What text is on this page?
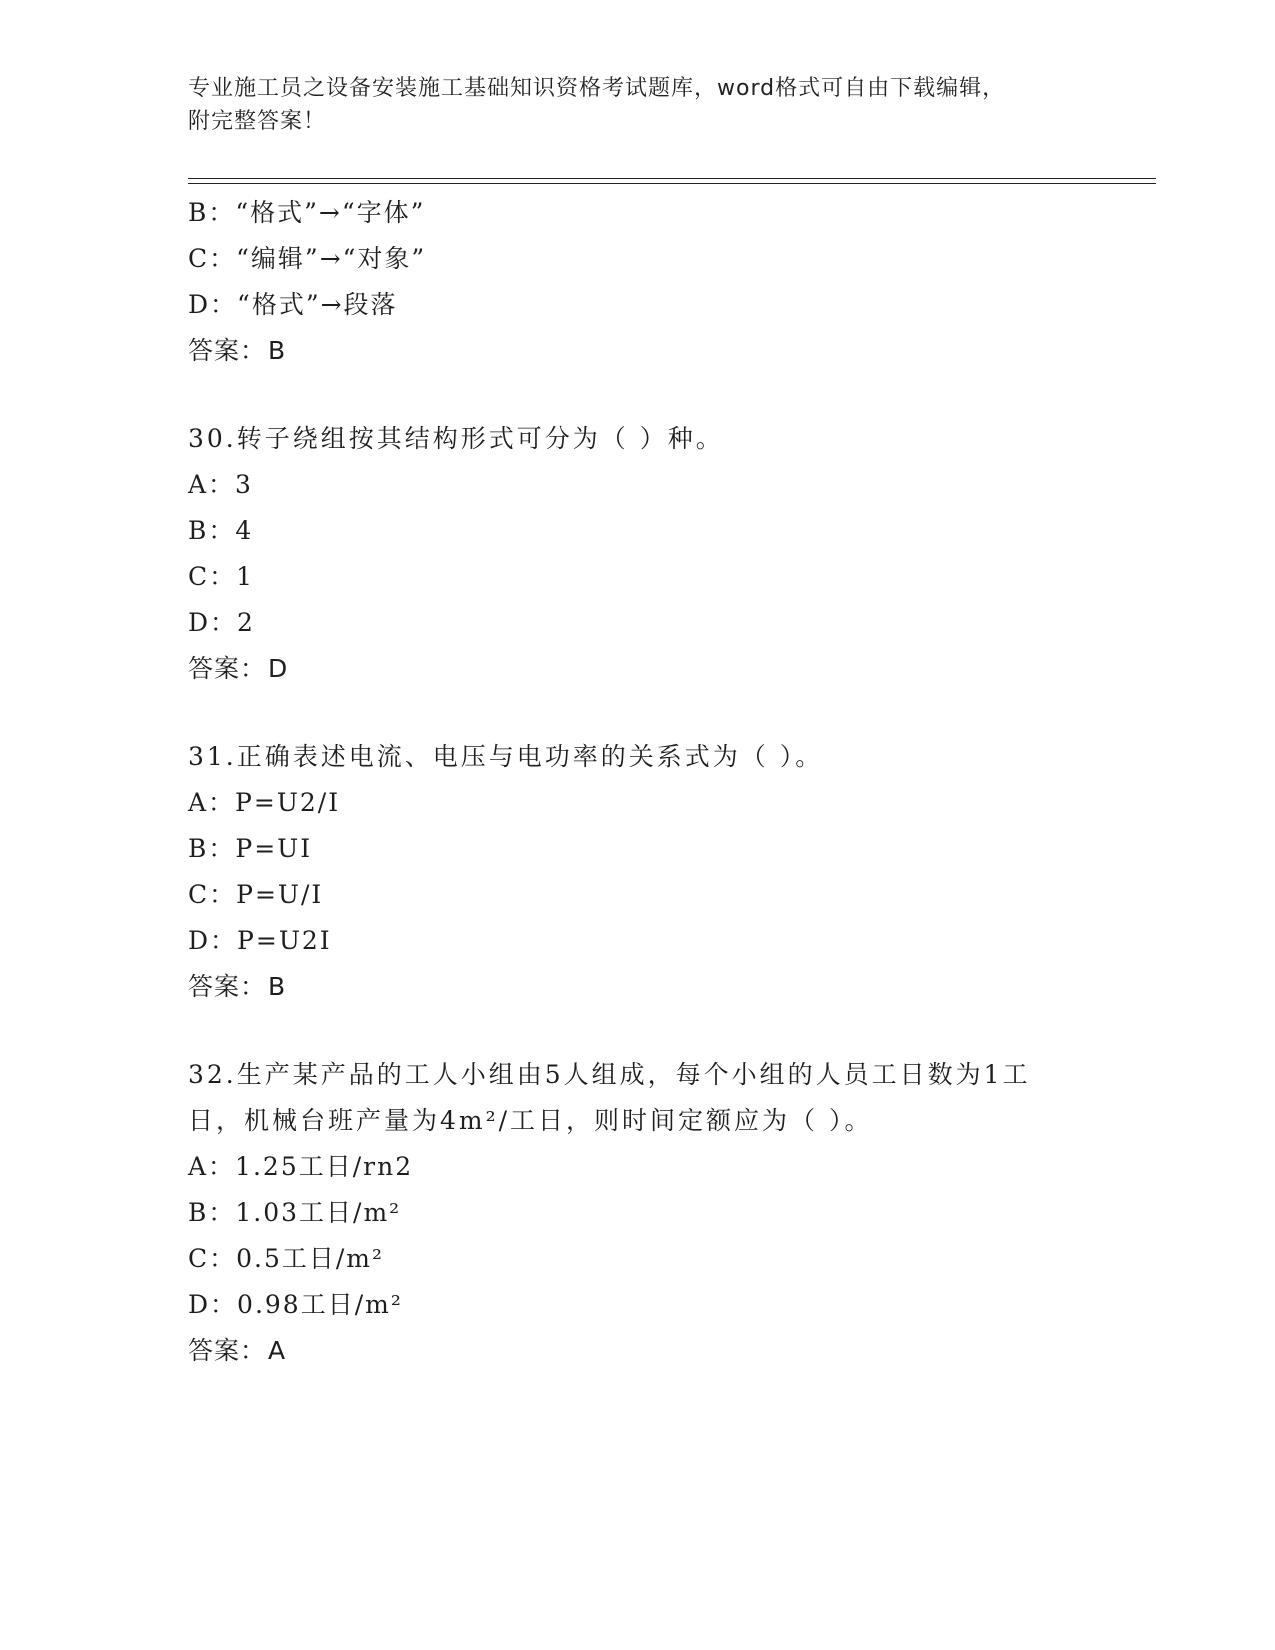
专业施工员之设备安装施工基础知识资格考试题库，word格式可自由下载编辑，
附完整答案！
B：“格式”→“字体”
C：“编辑”→“对象”
D：“格式”→段落
答案：B
30.转子绕组按其结构形式可分为（ ）种。
A：3
B：4
C：1
D：2
答案：D
31.正确表述电流、电压与电功率的关系式为（ ）。
A：P=U2/I
B：P=UI
C：P=U/I
D：P=U2I
答案：B
32.生产某产品的工人小组由5人组成，每个小组的人员工日数为1工
日，机械台班产量为4m²/工日，则时间定额应为（ ）。
A：1.25工日/rn2
B：1.03工日/m²
C：0.5工日/m²
D：0.98工日/m²
答案：A
